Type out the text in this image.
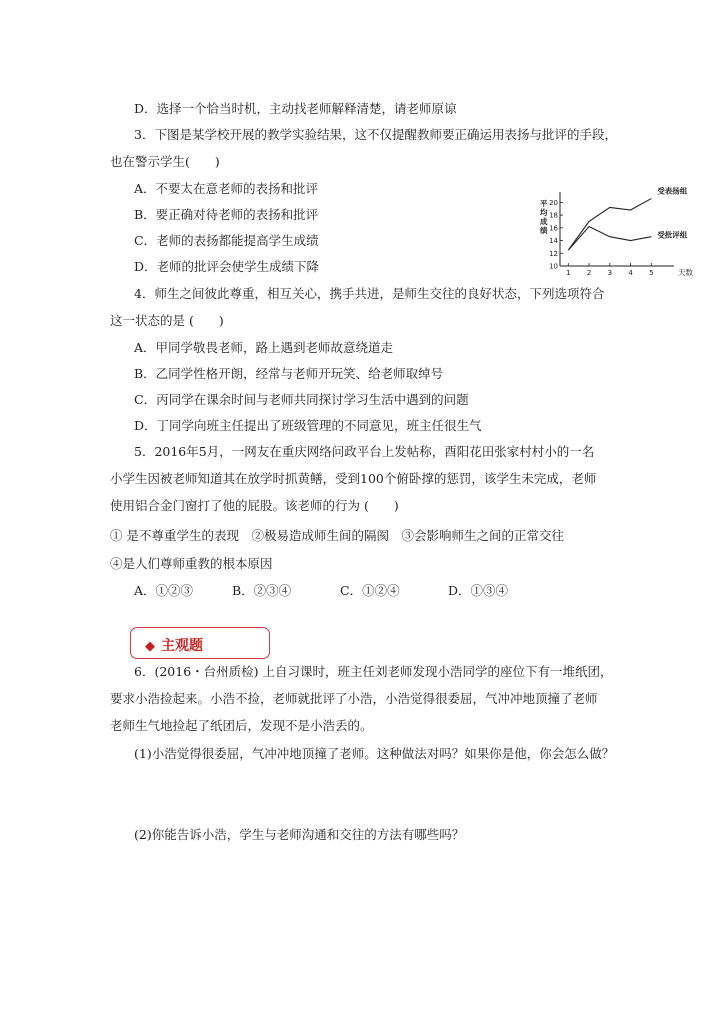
D．选择一个恰当时机，主动找老师解释清楚，请老师原谅
3．下图是某学校开展的教学实验结果，这不仅提醒教师要正确运用表扬与批评的手段，
也在警示学生(　　)
A．不要太在意老师的表扬和批评
B．要正确对待老师的表扬和批评
C．老师的表扬都能提高学生成绩
D．老师的批评会使学生成绩下降
平
均
成
绩
10
12
14
16
18
20
1 2 3 4 5
受表扬组
受批评组
天数
4．师生之间彼此尊重，相互关心，携手共进，是师生交往的良好状态，下列选项符合
这一状态的是 (　　)
A．甲同学敬畏老师，路上遇到老师故意绕道走
B．乙同学性格开朗，经常与老师开玩笑、给老师取绰号
C．丙同学在课余时间与老师共同探讨学习生活中遇到的问题
D．丁同学向班主任提出了班级管理的不同意见，班主任很生气
5．2016年5月，一网友在重庆网络问政平台上发帖称，酉阳花田张家村村小的一名
小学生因被老师知道其在放学时抓黄鳝，受到100个俯卧撑的惩罚，该学生未完成，老师
使用铝合金门窗打了他的屁股。该老师的行为 (　　)
① 是不尊重学生的表现　②极易造成师生间的隔阂　③会影响师生之间的正常交往
④是人们尊师重教的根本原因
A．①②③	B．②③④	C．①②④	D．①③④
◆ 主观题
6．(2016・台州质检) 上自习课时，班主任刘老师发现小浩同学的座位下有一堆纸团，
要求小浩捡起来。小浩不捡，老师就批评了小浩，小浩觉得很委屈，气冲冲地顶撞了老师
老师生气地捡起了纸团后，发现不是小浩丢的。
(1)小浩觉得很委屈，气冲冲地顶撞了老师。这种做法对吗？如果你是他，你会怎么做？
(2)你能告诉小浩，学生与老师沟通和交往的方法有哪些吗？
